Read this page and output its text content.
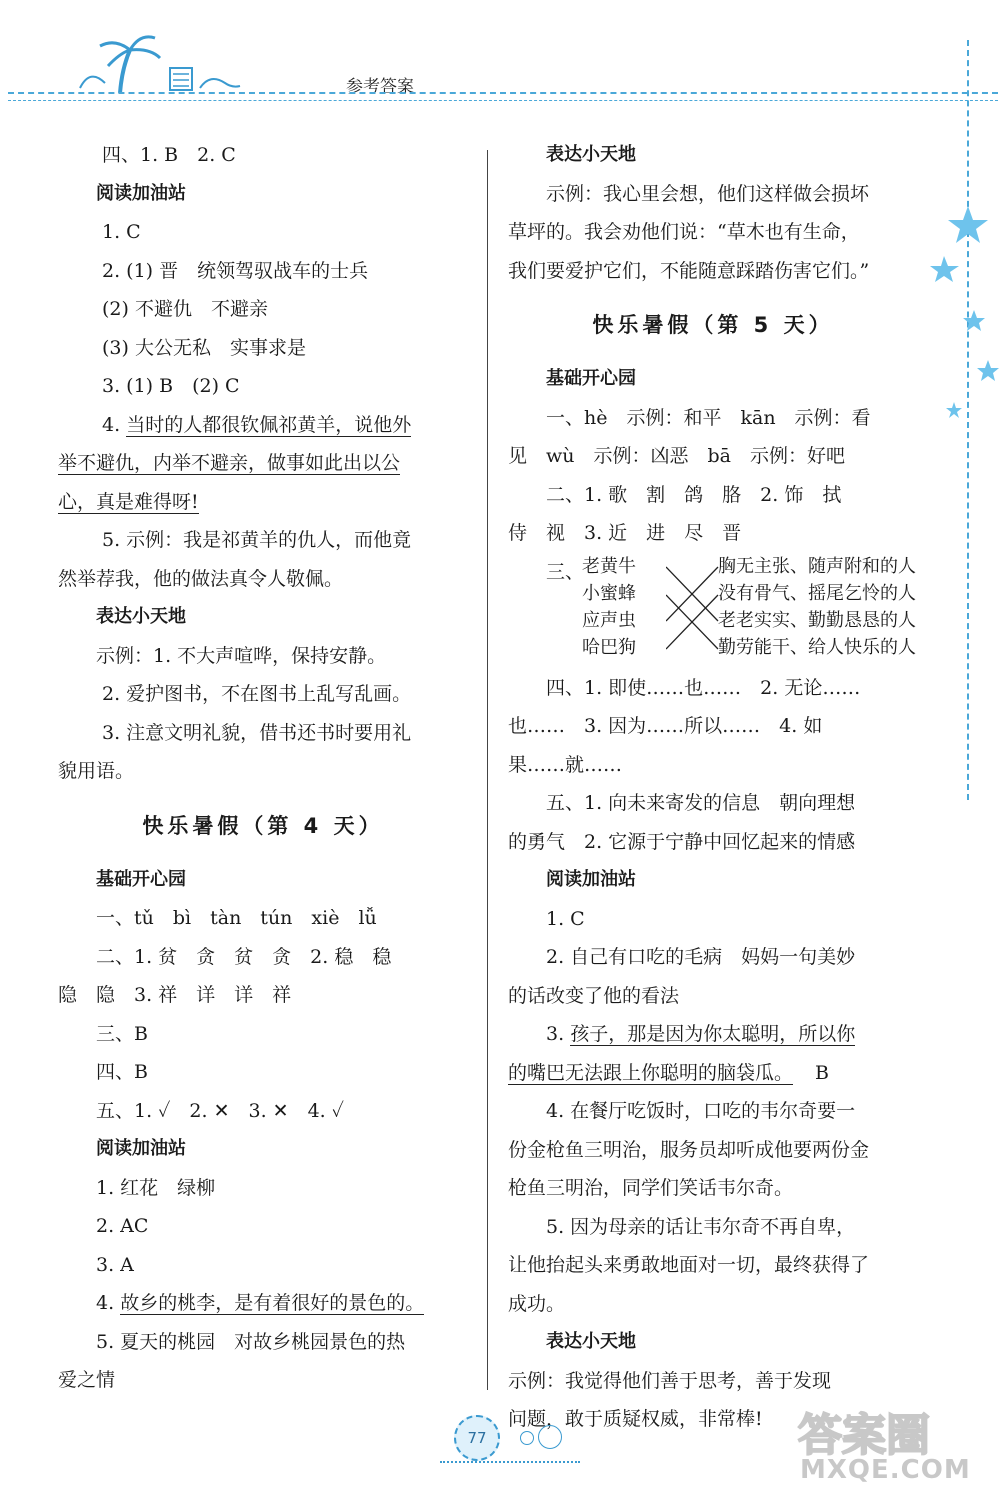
参考答案
四、1. B　2. C
阅读加油站
1. C
2. (1) 晋　统领驾驭战车的士兵
(2) 不避仇　不避亲
(3) 大公无私　实事求是
3. (1) B　(2) C
4. 当时的人都很钦佩祁黄羊，说他外
举不避仇，内举不避亲，做事如此出以公
心，真是难得呀!
5. 示例：我是祁黄羊的仇人，而他竟
然举荐我，他的做法真令人敬佩。
表达小天地
示例：1. 不大声喧哗，保持安静。
2. 爱护图书，不在图书上乱写乱画。
3. 注意文明礼貌，借书还书时要用礼
貌用语。
快乐暑假（第 4 天）
基础开心园
一、tǔ　bì　tàn　tún　xiè　lǚ
二、1. 贫　贪　贫　贪　2. 稳　稳
隐　隐　3. 祥　详　详　祥
三、B
四、B
五、1. ✓　2. ✕　3. ✕　4. ✓
阅读加油站
1. 红花　绿柳
2. AC
3. A
4. 故乡的桃李，是有着很好的景色的。
5. 夏天的桃园　对故乡桃园景色的热
爱之情
表达小天地
示例：我心里会想，他们这样做会损坏
草坪的。我会劝他们说：“草木也有生命，
我们要爱护它们，不能随意踩踏伤害它们。”
快乐暑假（第 5 天）
基础开心园
一、hè　示例：和平　kān　示例：看
见　wù　示例：凶恶　bā　示例：好吧
二、1. 歌　割　鸽　胳　2. 饰　拭
侍　视　3. 近　进　尽　晋
三、
老黄牛
小蜜蜂
应声虫
哈巴狗
胸无主张、随声附和的人
没有骨气、摇尾乞怜的人
老老实实、勤勤恳恳的人
勤劳能干、给人快乐的人
四、1. 即使……也……　2. 无论……
也……　3. 因为……所以……　4. 如
果……就……
五、1. 向未来寄发的信息　朝向理想
的勇气　2. 它源于宁静中回忆起来的情感
阅读加油站
1. C
2. 自己有口吃的毛病　妈妈一句美妙
的话改变了他的看法
3. 孩子，那是因为你太聪明，所以你
的嘴巴无法跟上你聪明的脑袋瓜。 B
4. 在餐厅吃饭时，口吃的韦尔奇要一
份金枪鱼三明治，服务员却听成他要两份金
枪鱼三明治，同学们笑话韦尔奇。
5. 因为母亲的话让韦尔奇不再自卑，
让他抬起头来勇敢地面对一切，最终获得了
成功。
表达小天地
示例：我觉得他们善于思考，善于发现
问题，敢于质疑权威，非常棒!
77	答案圈
MXQE.COM
